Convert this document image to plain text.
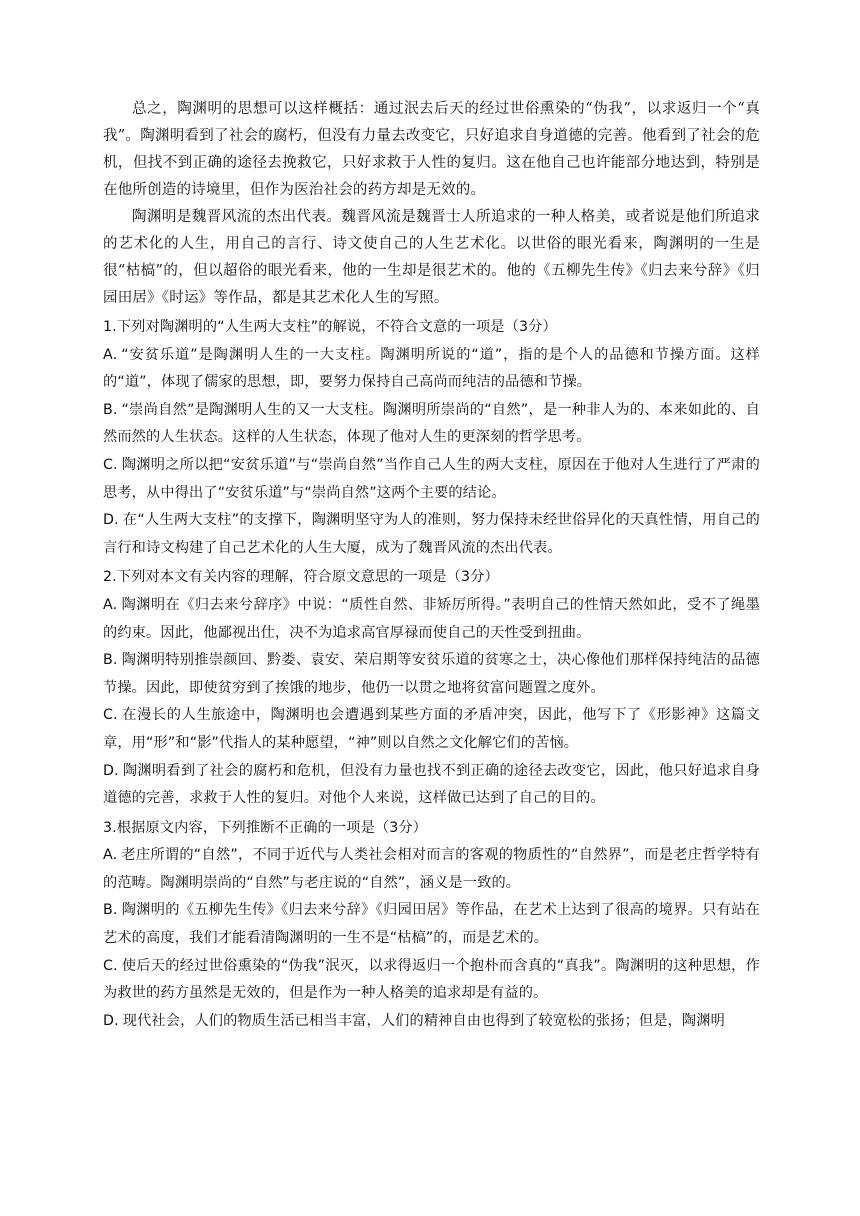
总之，陶渊明的思想可以这样概括：通过泯去后天的经过世俗熏染的“伪我”，以求返归一个“真我”。陶渊明看到了社会的腐朽，但没有力量去改变它，只好追求自身道德的完善。他看到了社会的危机，但找不到正确的途径去挽救它，只好求救于人性的复归。这在他自己也许能部分地达到，特别是在他所创造的诗境里，但作为医治社会的药方却是无效的。

陶渊明是魏晋风流的杰出代表。魏晋风流是魏晋士人所追求的一种人格美，或者说是他们所追求的艺术化的人生，用自己的言行、诗文使自己的人生艺术化。以世俗的眼光看来，陶渊明的一生是很“枯槁”的，但以超俗的眼光看来，他的一生却是很艺术的。他的《五柳先生传》《归去来兮辞》《归园田居》《时运》等作品，都是其艺术化人生的写照。

1.下列对陶渊明的“人生两大支柱”的解说，不符合文意的一项是（3分）

A. “安贫乐道”是陶渊明人生的一大支柱。陶渊明所说的“道”，指的是个人的品德和节操方面。这样的“道”，体现了儒家的思想，即，要努力保持自己高尚而纯洁的品德和节操。

B. “崇尚自然”是陶渊明人生的又一大支柱。陶渊明所崇尚的“自然”，是一种非人为的、本来如此的、自然而然的人生状态。这样的人生状态，体现了他对人生的更深刻的哲学思考。

C. 陶渊明之所以把“安贫乐道”与“崇尚自然”当作自己人生的两大支柱，原因在于他对人生进行了严肃的思考，从中得出了“安贫乐道”与“崇尚自然”这两个主要的结论。

D. 在“人生两大支柱”的支撑下，陶渊明坚守为人的准则，努力保持未经世俗异化的天真性情，用自己的言行和诗文构建了自己艺术化的人生大厦，成为了魏晋风流的杰出代表。

2.下列对本文有关内容的理解，符合原文意思的一项是（3分）

A. 陶渊明在《归去来兮辞序》中说：“质性自然、非矫厉所得。”表明自己的性情天然如此，受不了绳墨的约束。因此，他鄙视出仕，决不为追求高官厚禄而使自己的天性受到扭曲。

B. 陶渊明特别推崇颜回、黔娄、袁安、荣启期等安贫乐道的贫寒之士，决心像他们那样保持纯洁的品德节操。因此，即使贫穷到了挨饿的地步，他仍一以贯之地将贫富问题置之度外。

C. 在漫长的人生旅途中，陶渊明也会遭遇到某些方面的矛盾冲突，因此，他写下了《形影神》这篇文章，用“形”和“影”代指人的某种愿望，“神”则以自然之文化解它们的苦恼。

D. 陶渊明看到了社会的腐朽和危机，但没有力量也找不到正确的途径去改变它，因此，他只好追求自身道德的完善，求救于人性的复归。对他个人来说，这样做已达到了自己的目的。

3.根据原文内容，下列推断不正确的一项是（3分）

A. 老庄所谓的“自然”，不同于近代与人类社会相对而言的客观的物质性的“自然界”，而是老庄哲学特有的范畴。陶渊明崇尚的“自然”与老庄说的“自然”，涵义是一致的。

B. 陶渊明的《五柳先生传》《归去来兮辞》《归园田居》等作品，在艺术上达到了很高的境界。只有站在艺术的高度，我们才能看清陶渊明的一生不是“枯槁”的，而是艺术的。

C. 使后天的经过世俗熏染的“伪我”泯灭，以求得返归一个抱朴而含真的“真我”。陶渊明的这种思想，作为救世的药方虽然是无效的，但是作为一种人格美的追求却是有益的。

D. 现代社会，人们的物质生活已相当丰富，人们的精神自由也得到了较宽松的张扬；但是，陶渊明
